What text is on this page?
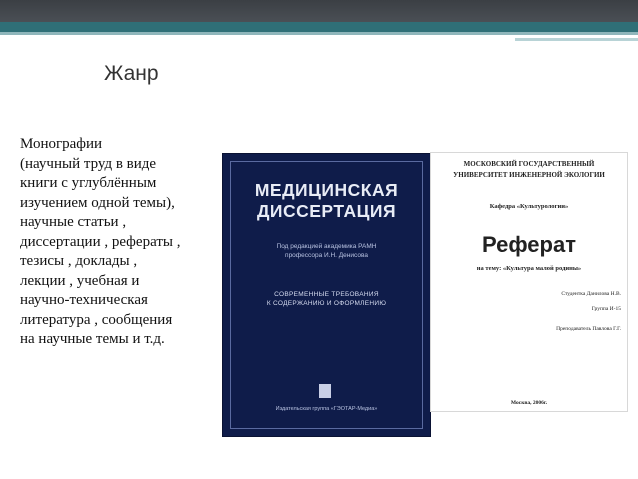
Жанр
Монографии
(научный труд в виде
книги с углублённым
изучением одной темы),
научные статьи ,
диссертации , рефераты ,
тезисы , доклады ,
лекции , учебная и
научно-техническая
литература , сообщения
на научные темы и т.д.
МЕДИЦИНСКАЯ
ДИССЕРТАЦИЯ
Под редакцией академика РАМН
профессора И.Н. Денисова
СОВРЕМЕННЫЕ ТРЕБОВАНИЯ
К СОДЕРЖАНИЮ И ОФОРМЛЕНИЮ
Издательская группа «ГЭОТАР-Медиа»
МОСКОВСКИЙ ГОСУДАРСТВЕННЫЙ
УНИВЕРСИТЕТ ИНЖЕНЕРНОЙ ЭКОЛОГИИ
Кафедра «Культурологии»
Реферат
на тему: «Культура малой родины»
Студентка Данилова Н.В.
Группа И-15
Преподаватель Павлова Г.Г.
Москва, 2006г.
